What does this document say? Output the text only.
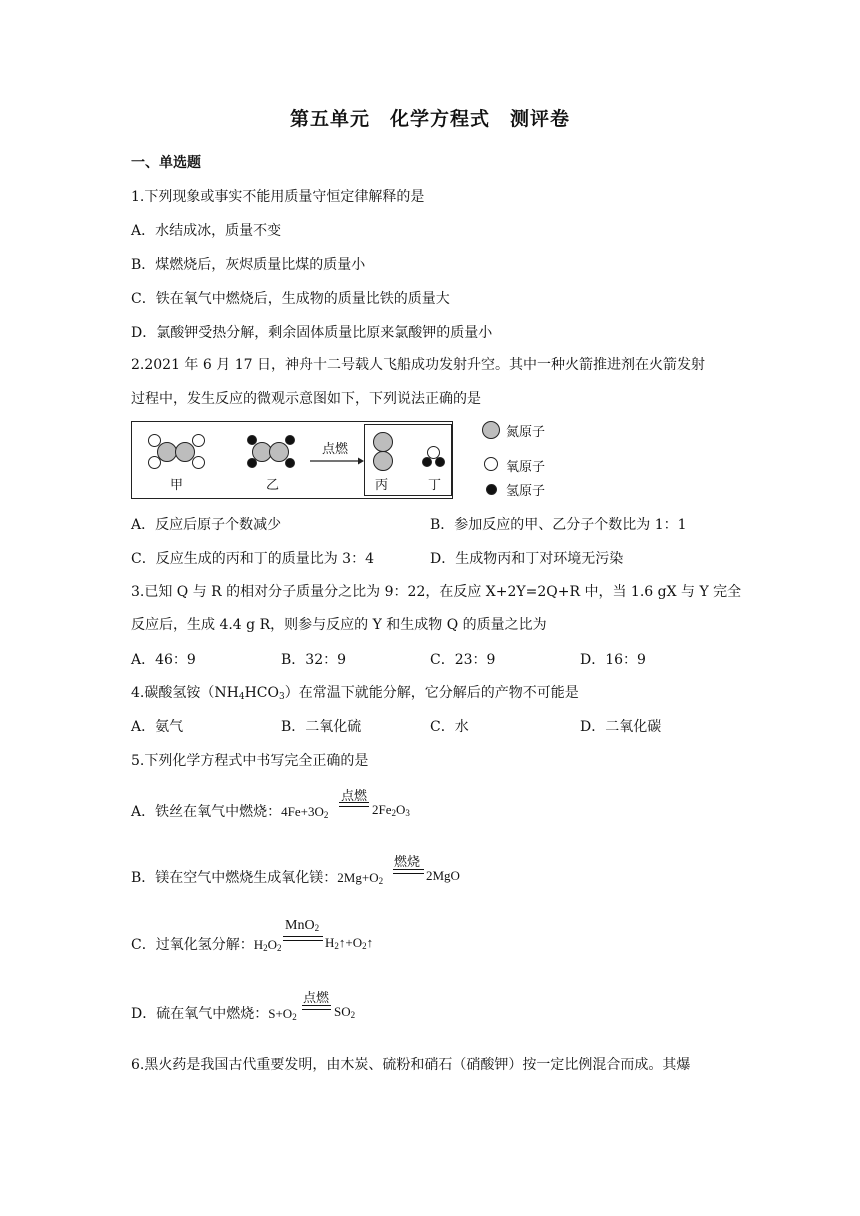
第五单元　化学方程式　测评卷
一、单选题
1.下列现象或事实不能用质量守恒定律解释的是
A．水结成冰，质量不变
B．煤燃烧后，灰烬质量比煤的质量小
C．铁在氧气中燃烧后，生成物的质量比铁的质量大
D．氯酸钾受热分解，剩余固体质量比原来氯酸钾的质量小
2.2021 年 6 月 17 日，神舟十二号载人飞船成功发射升空。其中一种火箭推进剂在火箭发射
过程中，发生反应的微观示意图如下，下列说法正确的是
甲	乙
点燃
丙	丁
氮原子
氧原子
氢原子
A．反应后原子个数减少	B．参加反应的甲、乙分子个数比为 1：1
C．反应生成的丙和丁的质量比为 3：4	D．生成物丙和丁对环境无污染
3.已知 Q 与 R 的相对分子质量分之比为 9：22，在反应 X+2Y=2Q+R 中，当 1.6 gX 与 Y 完全
反应后，生成 4.4 g R，则参与反应的 Y 和生成物 Q 的质量之比为
A．46：9	B．32：9	C．23：9	D．16：9
4.碳酸氢铵$(NH_4HCO_3)$在常温下就能分解，它分解后的产物不可能是
A．氨气	B．二氧化硫	C．水	D．二氧化碳
5.下列化学方程式中书写完全正确的是
A．铁丝在氧气中燃烧：$4Fe+3O_2$
点燃
$2Fe_2O_3$
B．镁在空气中燃烧生成氧化镁：$2Mg+O_2$
燃烧
2MgO
C．过氧化氢分解：$H_2O_2$
MnO$_2$
$H_2↑+O_2↑$
D．硫在氧气中燃烧：$S+O_2$
点燃
$SO_2$
6.黑火药是我国古代重要发明，由木炭、硫粉和硝石（硝酸钾）按一定比例混合而成。其爆
